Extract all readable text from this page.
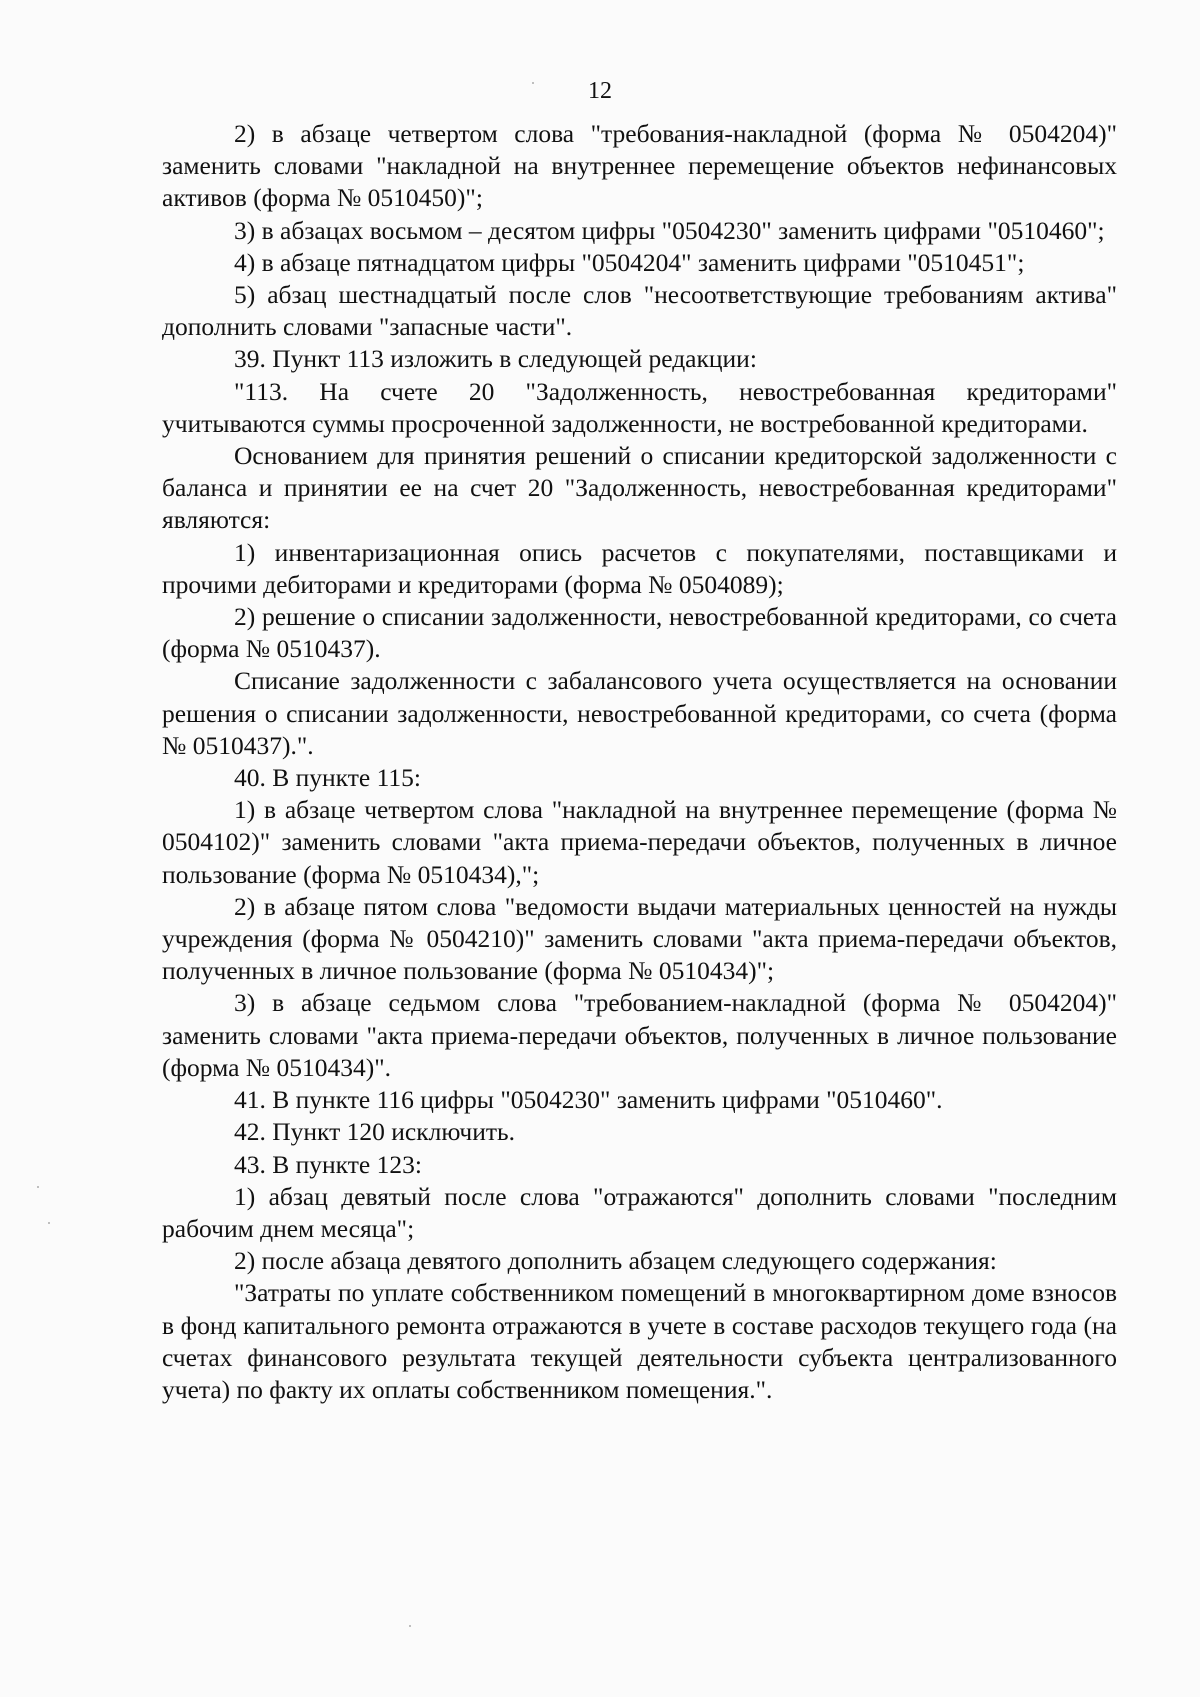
12

2) в абзаце четвертом слова "требования-накладной (форма № 0504204)" заменить словами "накладной на внутреннее перемещение объектов нефинансовых активов (форма № 0510450)";

3) в абзацах восьмом – десятом цифры "0504230" заменить цифрами "0510460";

4) в абзаце пятнадцатом цифры "0504204" заменить цифрами "0510451";

5) абзац шестнадцатый после слов "несоответствующие требованиям актива" дополнить словами "запасные части".

39. Пункт 113 изложить в следующей редакции:

"113. На счете 20 "Задолженность, невостребованная кредиторами" учитываются суммы просроченной задолженности, не востребованной кредиторами.

Основанием для принятия решений о списании кредиторской задолженности с баланса и принятии ее на счет 20 "Задолженность, невостребованная кредиторами" являются:

1) инвентаризационная опись расчетов с покупателями, поставщиками и прочими дебиторами и кредиторами (форма № 0504089);

2) решение о списании задолженности, невостребованной кредиторами, со счета (форма № 0510437).

Списание задолженности с забалансового учета осуществляется на основании решения о списании задолженности, невостребованной кредиторами, со счета (форма № 0510437).".

40. В пункте 115:

1) в абзаце четвертом слова "накладной на внутреннее перемещение (форма № 0504102)" заменить словами "акта приема-передачи объектов, полученных в личное пользование (форма № 0510434),";

2) в абзаце пятом слова "ведомости выдачи материальных ценностей на нужды учреждения (форма № 0504210)" заменить словами "акта приема-передачи объектов, полученных в личное пользование (форма № 0510434)";

3) в абзаце седьмом слова "требованием-накладной (форма № 0504204)" заменить словами "акта приема-передачи объектов, полученных в личное пользование (форма № 0510434)".

41. В пункте 116 цифры "0504230" заменить цифрами "0510460".

42. Пункт 120 исключить.

43. В пункте 123:

1) абзац девятый после слова "отражаются" дополнить словами "последним рабочим днем месяца";

2) после абзаца девятого дополнить абзацем следующего содержания:

"Затраты по уплате собственником помещений в многоквартирном доме взносов в фонд капитального ремонта отражаются в учете в составе расходов текущего года (на счетах финансового результата текущей деятельности субъекта централизованного учета) по факту их оплаты собственником помещения.".
